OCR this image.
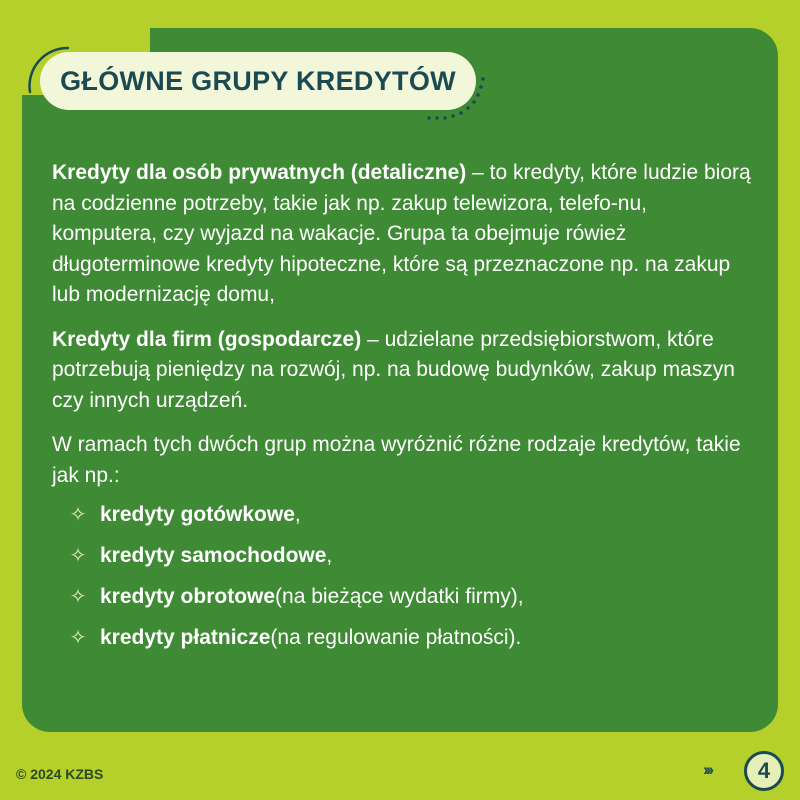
GŁÓWNE GRUPY KREDYTÓW

Kredyty dla osób prywatnych (detaliczne) – to kredyty, które ludzie biorą na codzienne potrzeby, takie jak np. zakup telewizora, telefo-nu, komputera, czy wyjazd na wakacje. Grupa ta obejmuje rówież długoterminowe kredyty hipoteczne, które są przeznaczone np. na zakup lub modernizację domu,

Kredyty dla firm (gospodarcze) – udzielane przedsiębiorstwom, które potrzebują pieniędzy na rozwój, np. na budowę budynków, zakup maszyn czy innych urządzeń.

W ramach tych dwóch grup można wyróżnić różne rodzaje kredytów, takie jak np.:

✧ kredyty gotówkowe ,
✧ kredyty samochodowe ,
✧ kredyty obrotowe (na bieżące wydatki firmy),
✧ kredyty płatnicze (na regulowanie płatności).
© 2024 KZBS	›››	4
